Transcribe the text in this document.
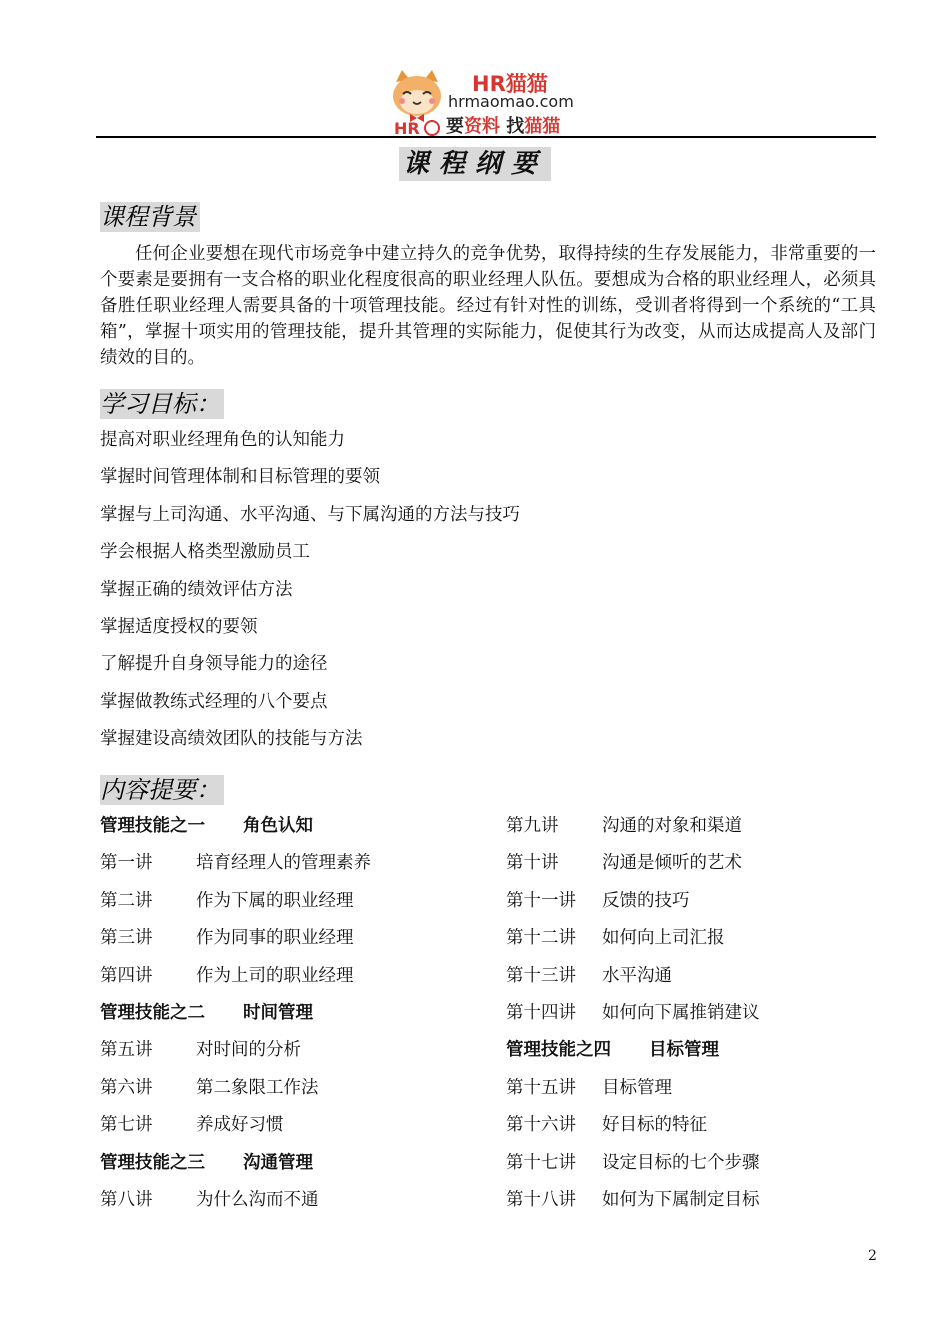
HR
HR猫猫
hrmaomao.com
要资料 找猫猫
课程纲要
课程背景
任何企业要想在现代市场竞争中建立持久的竞争优势，取得持续的生存发展能力，非常重要的一个要素是要拥有一支合格的职业化程度很高的职业经理人队伍。要想成为合格的职业经理人，必须具备胜任职业经理人需要具备的十项管理技能。经过有针对性的训练，受训者将得到一个系统的“工具箱”，掌握十项实用的管理技能，提升其管理的实际能力，促使其行为改变，从而达成提高人及部门绩效的目的。
学习目标：
提高对职业经理角色的认知能力
掌握时间管理体制和目标管理的要领
掌握与上司沟通、水平沟通、与下属沟通的方法与技巧
学会根据人格类型激励员工
掌握正确的绩效评估方法
掌握适度授权的要领
了解提升自身领导能力的途径
掌握做教练式经理的八个要点
掌握建设高绩效团队的技能与方法
内容提要：
管理技能之一 角色认知
第一讲 培育经理人的管理素养
第二讲 作为下属的职业经理
第三讲 作为同事的职业经理
第四讲 作为上司的职业经理
管理技能之二 时间管理
第五讲 对时间的分析
第六讲 第二象限工作法
第七讲 养成好习惯
管理技能之三 沟通管理
第八讲 为什么沟而不通
第九讲 沟通的对象和渠道
第十讲 沟通是倾听的艺术
第十一讲 反馈的技巧
第十二讲 如何向上司汇报
第十三讲 水平沟通
第十四讲 如何向下属推销建议
管理技能之四 目标管理
第十五讲 目标管理
第十六讲 好目标的特征
第十七讲 设定目标的七个步骤
第十八讲 如何为下属制定目标
2
